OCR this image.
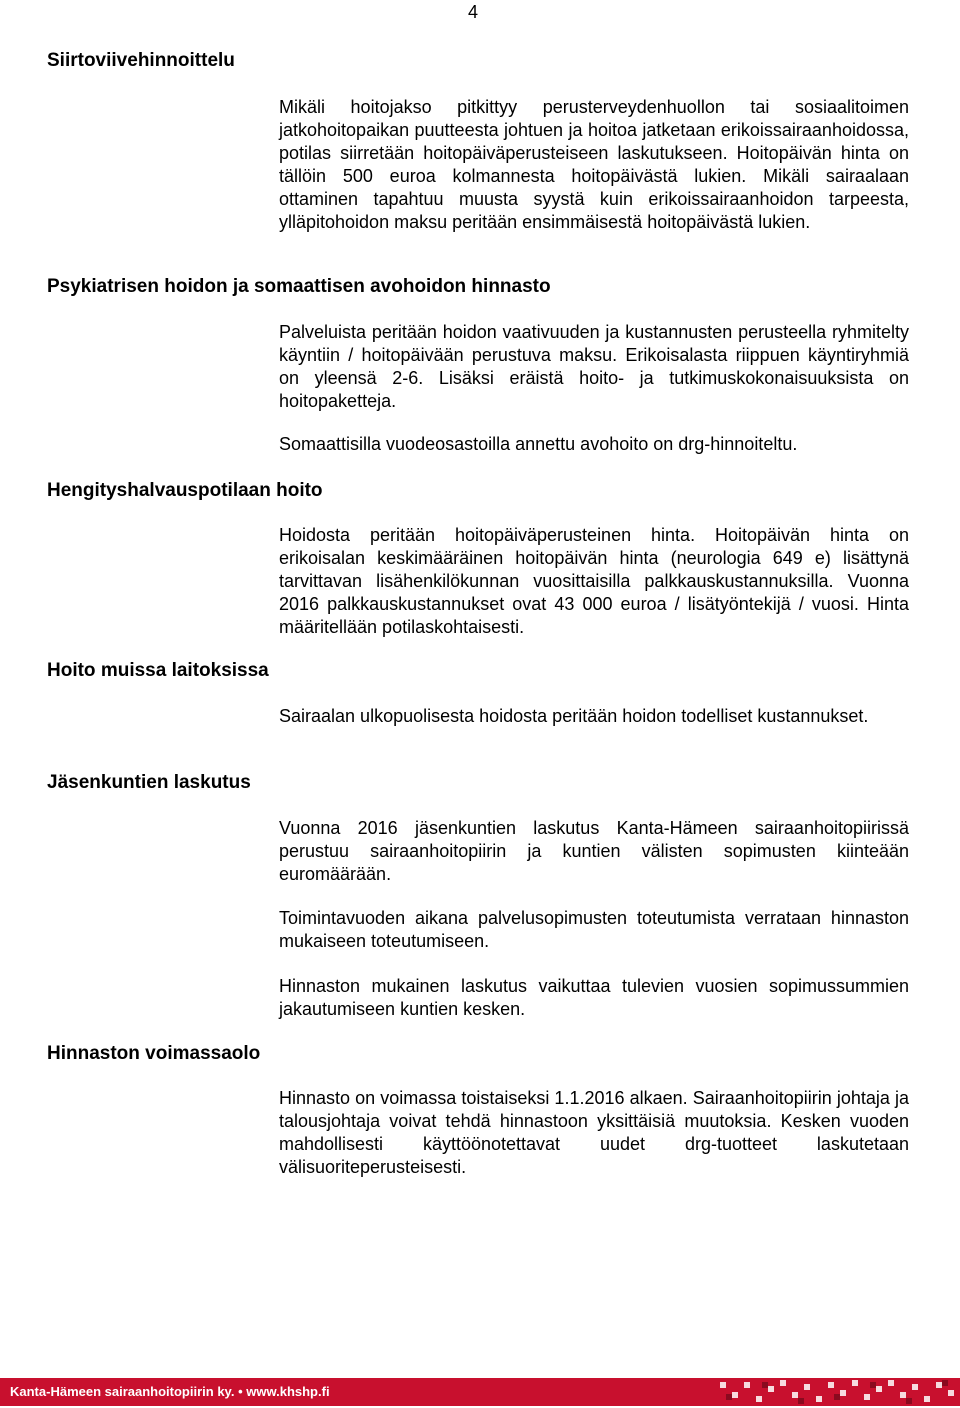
4
Siirtoviivehinnoittelu
Mikäli hoitojakso pitkittyy perusterveydenhuollon tai sosiaalitoimen jatkohoitopaikan puutteesta johtuen ja hoitoa jatketaan erikoissairaanhoidossa, potilas siirretään hoitopäiväperusteiseen laskutukseen. Hoitopäivän hinta on tällöin 500 euroa kolmannesta hoitopäivästä lukien. Mikäli sairaalaan ottaminen tapahtuu muusta syystä kuin erikoissairaanhoidon tarpeesta, ylläpitohoidon maksu peritään ensimmäisestä hoitopäivästä lukien.
Psykiatrisen hoidon ja somaattisen avohoidon hinnasto
Palveluista peritään hoidon vaativuuden ja kustannusten perusteella ryhmitelty käyntiin / hoitopäivään perustuva maksu. Erikoisalasta riippuen käyntiryhmiä on yleensä 2-6. Lisäksi eräistä hoito- ja tutkimuskokonaisuuksista on hoitopaketteja.
Somaattisilla vuodeosastoilla annettu avohoito on drg-hinnoiteltu.
Hengityshalvauspotilaan hoito
Hoidosta peritään hoitopäiväperusteinen hinta. Hoitopäivän hinta on erikoisalan keskimääräinen hoitopäivän hinta (neurologia 649 e) lisättynä tarvittavan lisähenkilökunnan vuosittaisilla palkkauskustannuksilla. Vuonna 2016 palkkauskustannukset ovat 43 000 euroa / lisätyöntekijä / vuosi. Hinta määritellään potilaskohtaisesti.
Hoito muissa laitoksissa
Sairaalan ulkopuolisesta hoidosta peritään hoidon todelliset kustannukset.
Jäsenkuntien laskutus
Vuonna 2016 jäsenkuntien laskutus Kanta-Hämeen sairaanhoitopiirissä perustuu sairaanhoitopiirin ja kuntien välisten sopimusten kiinteään euromäärään.
Toimintavuoden aikana palvelusopimusten toteutumista verrataan hinnaston mukaiseen toteutumiseen.
Hinnaston mukainen laskutus vaikuttaa tulevien vuosien sopimussummien jakautumiseen kuntien kesken.
Hinnaston voimassaolo
Hinnasto on voimassa toistaiseksi 1.1.2016 alkaen. Sairaanhoitopiirin johtaja ja talousjohtaja voivat tehdä hinnastoon yksittäisiä muutoksia. Kesken vuoden mahdollisesti käyttöönotettavat uudet drg-tuotteet laskutetaan välisuoriteperusteisesti.
Kanta-Hämeen sairaanhoitopiirin ky. • www.khshp.fi
